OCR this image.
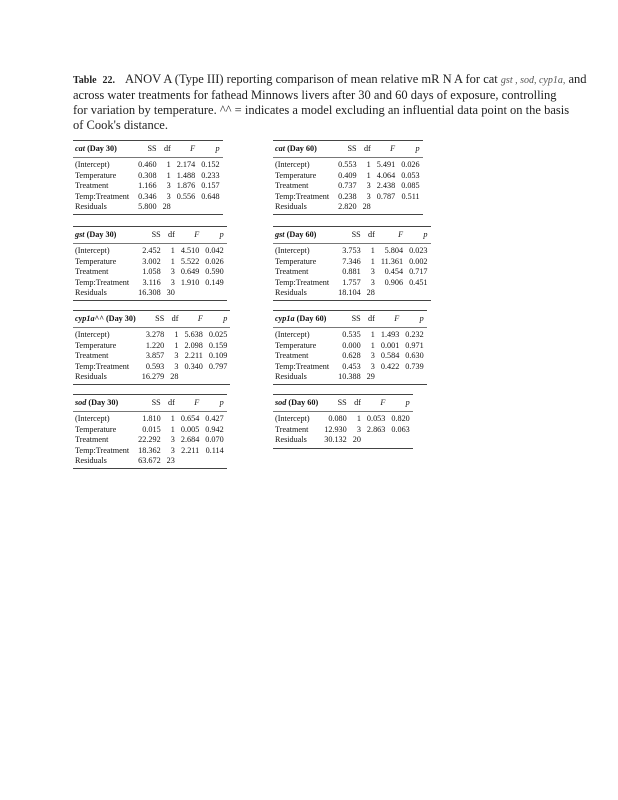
Table 22. ANOV A (Type III) reporting comparison of mean relative mR N A for cat gst , sod, cyp1a, and
across water treatments for fathead Minnows livers after 30 and 60 days of exposure, controlling
for variation by temperature. ^^ = indicates a model excluding an influential data point on the basis
of Cook's distance.
cat (Day 30)	SS	df	F	p
(Intercept)	0.460	1	2.174	0.152
Temperature	0.308	1	1.488	0.233
Treatment	1.166	3	1.876	0.157
Temp:Treatment	0.346	3	0.556	0.648
Residuals	5.800	28		
cat (Day 60)	SS	df	F	p
(Intercept)	0.553	1	5.491	0.026
Temperature	0.409	1	4.064	0.053
Treatment	0.737	3	2.438	0.085
Temp:Treatment	0.238	3	0.787	0.511
Residuals	2.820	28		
gst (Day 30)	SS	df	F	p
(Intercept)	2.452	1	4.510	0.042
Temperature	3.002	1	5.522	0.026
Treatment	1.058	3	0.649	0.590
Temp:Treatment	3.116	3	1.910	0.149
Residuals	16.308	30		
gst (Day 60)	SS	df	F	p
(Intercept)	3.753	1	5.804	0.023
Temperature	7.346	1	11.361	0.002
Treatment	0.881	3	0.454	0.717
Temp:Treatment	1.757	3	0.906	0.451
Residuals	18.104	28		
cyp1a^^ (Day 30)	SS	df	F	p
(Intercept)	3.278	1	5.638	0.025
Temperature	1.220	1	2.098	0.159
Treatment	3.857	3	2.211	0.109
Temp:Treatment	0.593	3	0.340	0.797
Residuals	16.279	28		
cyp1a (Day 60)	SS	df	F	p
(Intercept)	0.535	1	1.493	0.232
Temperature	0.000	1	0.001	0.971
Treatment	0.628	3	0.584	0.630
Temp:Treatment	0.453	3	0.422	0.739
Residuals	10.388	29		
sod (Day 30)	SS	df	F	p
(Intercept)	1.810	1	0.654	0.427
Temperature	0.015	1	0.005	0.942
Treatment	22.292	3	2.684	0.070
Temp:Treatment	18.362	3	2.211	0.114
Residuals	63.672	23		
sod (Day 60)	SS	df	F	p
(Intercept)	0.080	1	0.053	0.820
Treatment	12.930	3	2.863	0.063
Residuals	30.132	20		
